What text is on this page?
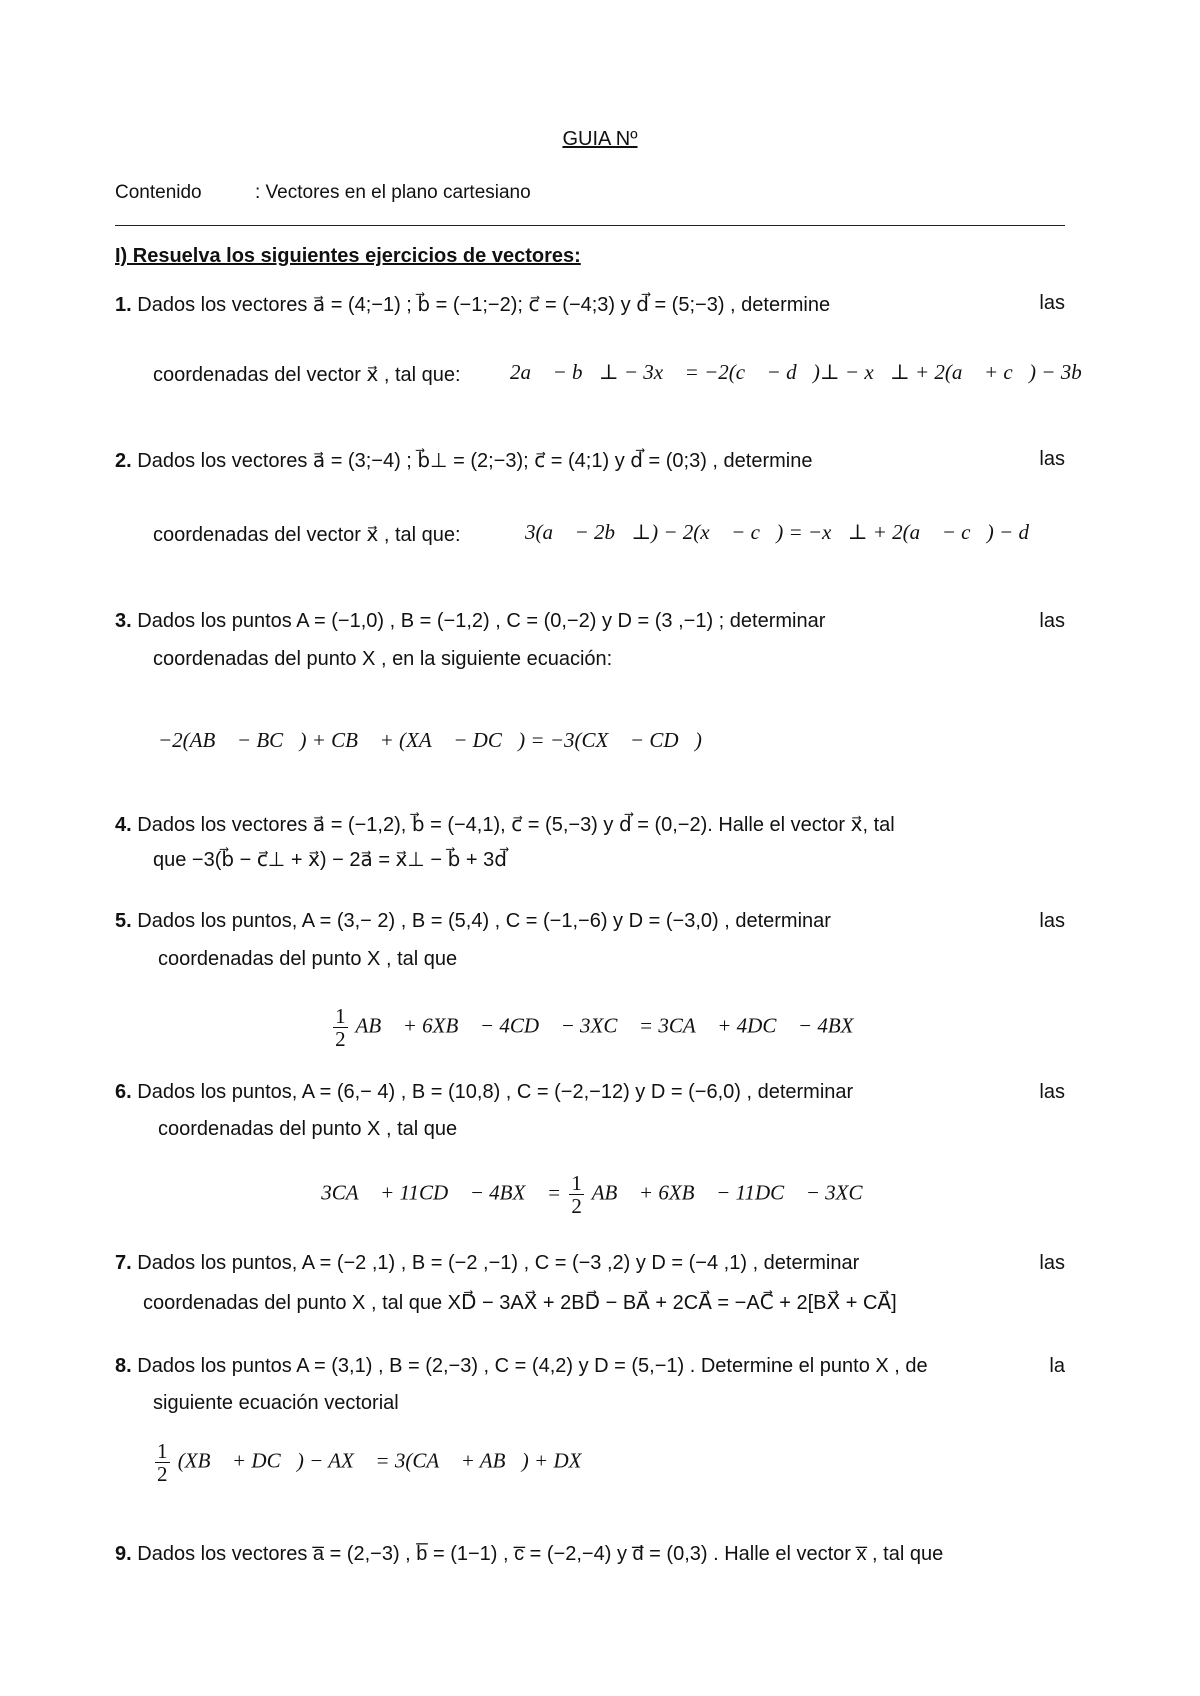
GUIA Nº
Contenido	: Vectores en el plano cartesiano
I) Resuelva los siguientes ejercicios de vectores:
1. Dados los vectores a⃗ = (4;−1) ; b⃗ = (−1;−2); c⃗ = (−4;3) y d⃗ = (5;−3) , determine	las
coordenadas del vector x⃗ , tal que: 2a⃗ − b⃗⊥ − 3x⃗ = −2(c⃗ − d⃗)⊥ − x⃗⊥ + 2(a⃗ + c⃗) − 3b⃗
2. Dados los vectores a⃗ = (3;−4) ; b⃗⊥ = (2;−3); c⃗ = (4;1) y d⃗ = (0;3) , determine	las
coordenadas del vector x⃗ , tal que:	3(a⃗ − 2b⃗⊥) − 2(x⃗ − c⃗) = −x⃗⊥ + 2(a⃗ − c⃗) − d⃗
3. Dados los puntos A = (−1,0) , B = (−1,2) , C = (0,−2) y D = (3 ,−1) ; determinar	las
coordenadas del punto X , en la siguiente ecuación:
−2(AB⃗ − BC⃗) + CB⃗ + (XA⃗ − DC⃗) = −3(CX⃗ − CD⃗)
4. Dados los vectores a⃗ = (−1,2), b⃗ = (−4,1), c⃗ = (5,−3) y d⃗ = (0,−2). Halle el vector x⃗, tal
que −3(b⃗ − c⃗⊥ + x⃗) − 2a⃗ = x⃗⊥ − b⃗ + 3d⃗
5. Dados los puntos, A = (3,− 2) , B = (5,4) , C = (−1,−6) y D = (−3,0) , determinar	las
coordenadas del punto X , tal que
$\frac{1}{2}$ AB⃗ + 6XB⃗ − 4CD⃗ − 3XC⃗ = 3CA⃗ + 4DC⃗ − 4BX⃗
6. Dados los puntos, A = (6,− 4) , B = (10,8) , C = (−2,−12) y D = (−6,0) , determinar	las
coordenadas del punto X , tal que
3CA⃗ + 11CD⃗ − 4BX⃗ = $\frac{1}{2}$ AB⃗ + 6XB⃗ − 11DC⃗ − 3XC⃗
7. Dados los puntos, A = (−2 ,1) , B = (−2 ,−1) , C = (−3 ,2) y D = (−4 ,1) , determinar	las
coordenadas del punto X , tal que XD⃗ − 3AX⃗ + 2BD⃗ − BA⃗ + 2CA⃗ = −AC⃗ + 2[BX⃗ + CA⃗]
8. Dados los puntos A = (3,1) , B = (2,−3) , C = (4,2) y D = (5,−1) . Determine el punto X , de	la
siguiente ecuación vectorial
$\frac{1}{2}$ (XB⃗ + DC⃗) − AX⃗ = 3(CA⃗ + AB⃗) + DX⃗
9. Dados los vectores a̅ = (2,−3) , b̅ = (1−1) , c̅ = (−2,−4) y d̅ = (0,3) . Halle el vector x̅ , tal que
